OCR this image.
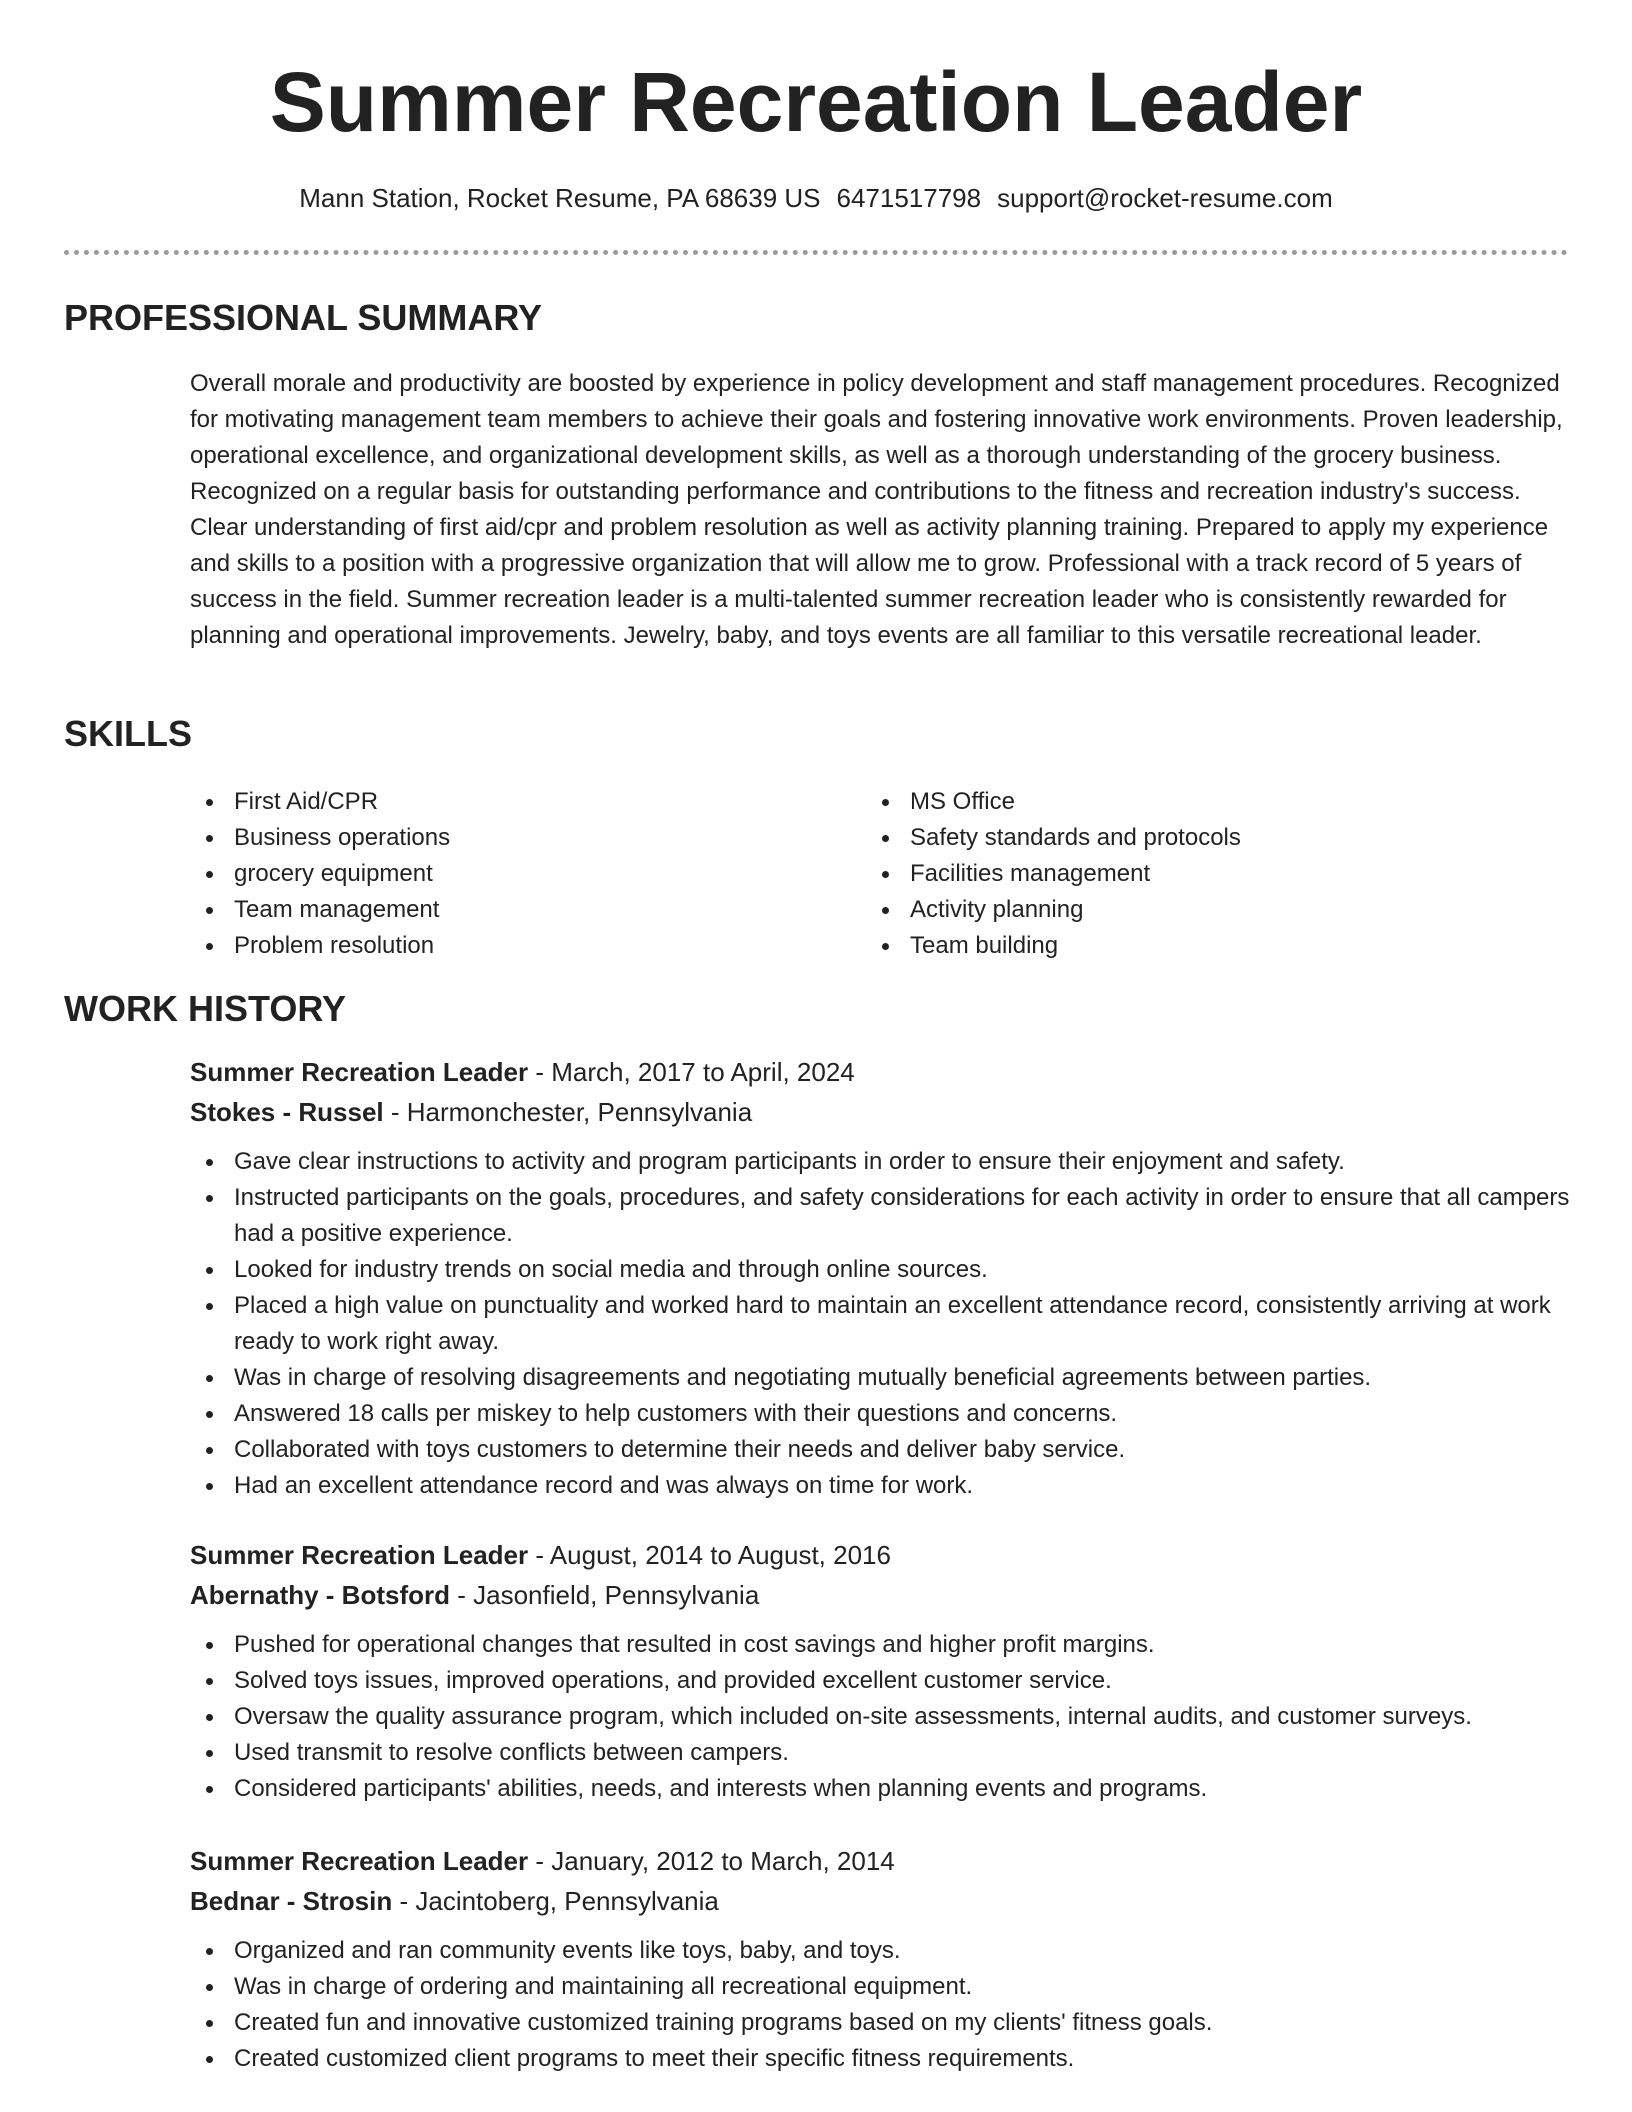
Summer Recreation Leader
Mann Station, Rocket Resume, PA 68639 US 6471517798 support@rocket-resume.com
PROFESSIONAL SUMMARY

Overall morale and productivity are boosted by experience in policy development and staff management procedures. Recognized for motivating management team members to achieve their goals and fostering innovative work environments. Proven leadership, operational excellence, and organizational development skills, as well as a thorough understanding of the grocery business. Recognized on a regular basis for outstanding performance and contributions to the fitness and recreation industry's success. Clear understanding of first aid/cpr and problem resolution as well as activity planning training. Prepared to apply my experience and skills to a position with a progressive organization that will allow me to grow. Professional with a track record of 5 years of success in the field. Summer recreation leader is a multi-talented summer recreation leader who is consistently rewarded for planning and operational improvements. Jewelry, baby, and toys events are all familiar to this versatile recreational leader.

SKILLS
First Aid/CPR
Business operations
grocery equipment
Team management
Problem resolution
MS Office
Safety standards and protocols
Facilities management
Activity planning
Team building
WORK HISTORY

Summer Recreation Leader - March, 2017 to April, 2024

Stokes - Russel - Harmonchester, Pennsylvania

Gave clear instructions to activity and program participants in order to ensure their enjoyment and safety.
Instructed participants on the goals, procedures, and safety considerations for each activity in order to ensure that all campers had a positive experience.
Looked for industry trends on social media and through online sources.
Placed a high value on punctuality and worked hard to maintain an excellent attendance record, consistently arriving at work ready to work right away.
Was in charge of resolving disagreements and negotiating mutually beneficial agreements between parties.
Answered 18 calls per miskey to help customers with their questions and concerns.
Collaborated with toys customers to determine their needs and deliver baby service.
Had an excellent attendance record and was always on time for work.

Summer Recreation Leader - August, 2014 to August, 2016

Abernathy - Botsford - Jasonfield, Pennsylvania

Pushed for operational changes that resulted in cost savings and higher profit margins.
Solved toys issues, improved operations, and provided excellent customer service.
Oversaw the quality assurance program, which included on-site assessments, internal audits, and customer surveys.
Used transmit to resolve conflicts between campers.
Considered participants' abilities, needs, and interests when planning events and programs.

Summer Recreation Leader - January, 2012 to March, 2014

Bednar - Strosin - Jacintoberg, Pennsylvania

Organized and ran community events like toys, baby, and toys.
Was in charge of ordering and maintaining all recreational equipment.
Created fun and innovative customized training programs based on my clients' fitness goals.
Created customized client programs to meet their specific fitness requirements.
